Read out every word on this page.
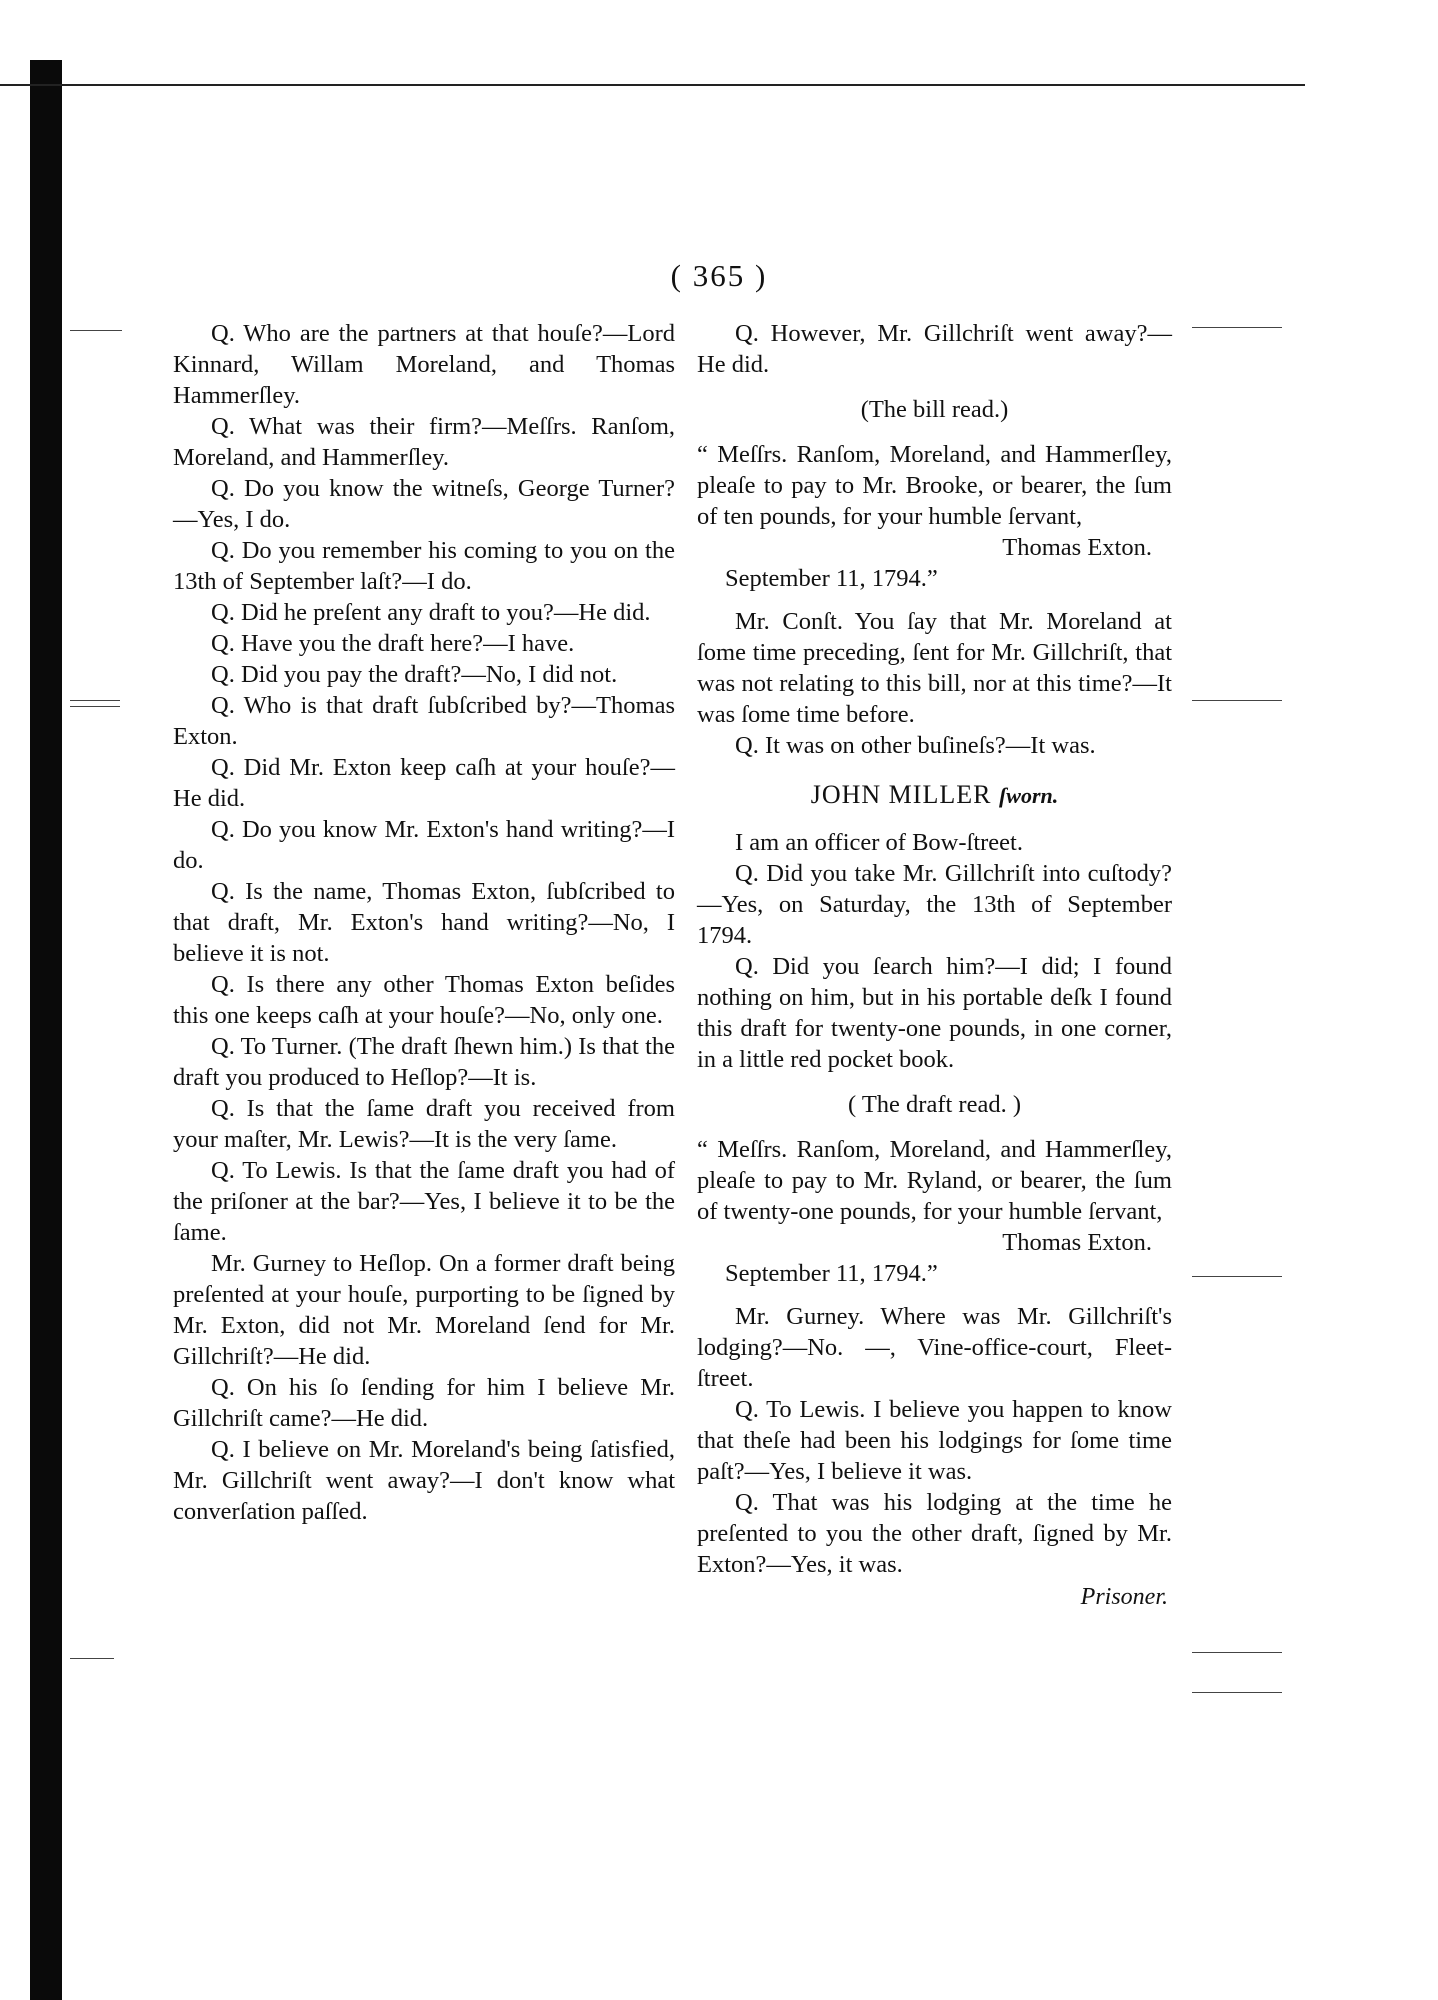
( 365 )

Q. Who are the partners at that houſe?—Lord Kinnard, Willam Moreland, and Thomas Hammerſley.

Q. What was their firm?—Meſſrs. Ranſom, Moreland, and Hammerſley.

Q. Do you know the witneſs, George Turner?—Yes, I do.

Q. Do you remember his coming to you on the 13th of September laſt?—I do.

Q. Did he preſent any draft to you?—He did.

Q. Have you the draft here?—I have.

Q. Did you pay the draft?—No, I did not.

Q. Who is that draft ſubſcribed by?—Thomas Exton.

Q. Did Mr. Exton keep caſh at your houſe?—He did.

Q. Do you know Mr. Exton's hand writing?—I do.

Q. Is the name, Thomas Exton, ſubſcribed to that draft, Mr. Exton's hand writing?—No, I believe it is not.

Q. Is there any other Thomas Exton beſides this one keeps caſh at your houſe?—No, only one.

Q. To Turner. (The draft ſhewn him.) Is that the draft you produced to Heſlop?—It is.

Q. Is that the ſame draft you received from your maſter, Mr. Lewis?—It is the very ſame.

Q. To Lewis. Is that the ſame draft you had of the priſoner at the bar?—Yes, I believe it to be the ſame.

Mr. Gurney to Heſlop. On a former draft being preſented at your houſe, purporting to be ſigned by Mr. Exton, did not Mr. Moreland ſend for Mr. Gillchriſt?—He did.

Q. On his ſo ſending for him I believe Mr. Gillchriſt came?—He did.

Q. I believe on Mr. Moreland's being ſatisfied, Mr. Gillchriſt went away?—I don't know what converſation paſſed.

Q. However, Mr. Gillchriſt went away?—He did.

(The bill read.)

“ Meſſrs. Ranſom, Moreland, and Hammerſley, pleaſe to pay to Mr. Brooke, or bearer, the ſum of ten pounds, for your humble ſervant,

Thomas Exton.

September 11, 1794.”

Mr. Conſt. You ſay that Mr. Moreland at ſome time preceding, ſent for Mr. Gillchriſt, that was not relating to this bill, nor at this time?—It was ſome time before.

Q. It was on other buſineſs?—It was.

JOHN MILLER ſworn.

I am an officer of Bow-ſtreet.

Q. Did you take Mr. Gillchriſt into cuſtody?—Yes, on Saturday, the 13th of September 1794.

Q. Did you ſearch him?—I did; I found nothing on him, but in his portable deſk I found this draft for twenty-one pounds, in one corner, in a little red pocket book.

( The draft read. )

“ Meſſrs. Ranſom, Moreland, and Hammerſley, pleaſe to pay to Mr. Ryland, or bearer, the ſum of twenty-one pounds, for your humble ſervant,

Thomas Exton.

September 11, 1794.”

Mr. Gurney. Where was Mr. Gillchriſt's lodging?—No. —, Vine-office-court, Fleet-ſtreet.

Q. To Lewis. I believe you happen to know that theſe had been his lodgings for ſome time paſt?—Yes, I believe it was.

Q. That was his lodging at the time he preſented to you the other draft, ſigned by Mr. Exton?—Yes, it was.

Prisoner.
